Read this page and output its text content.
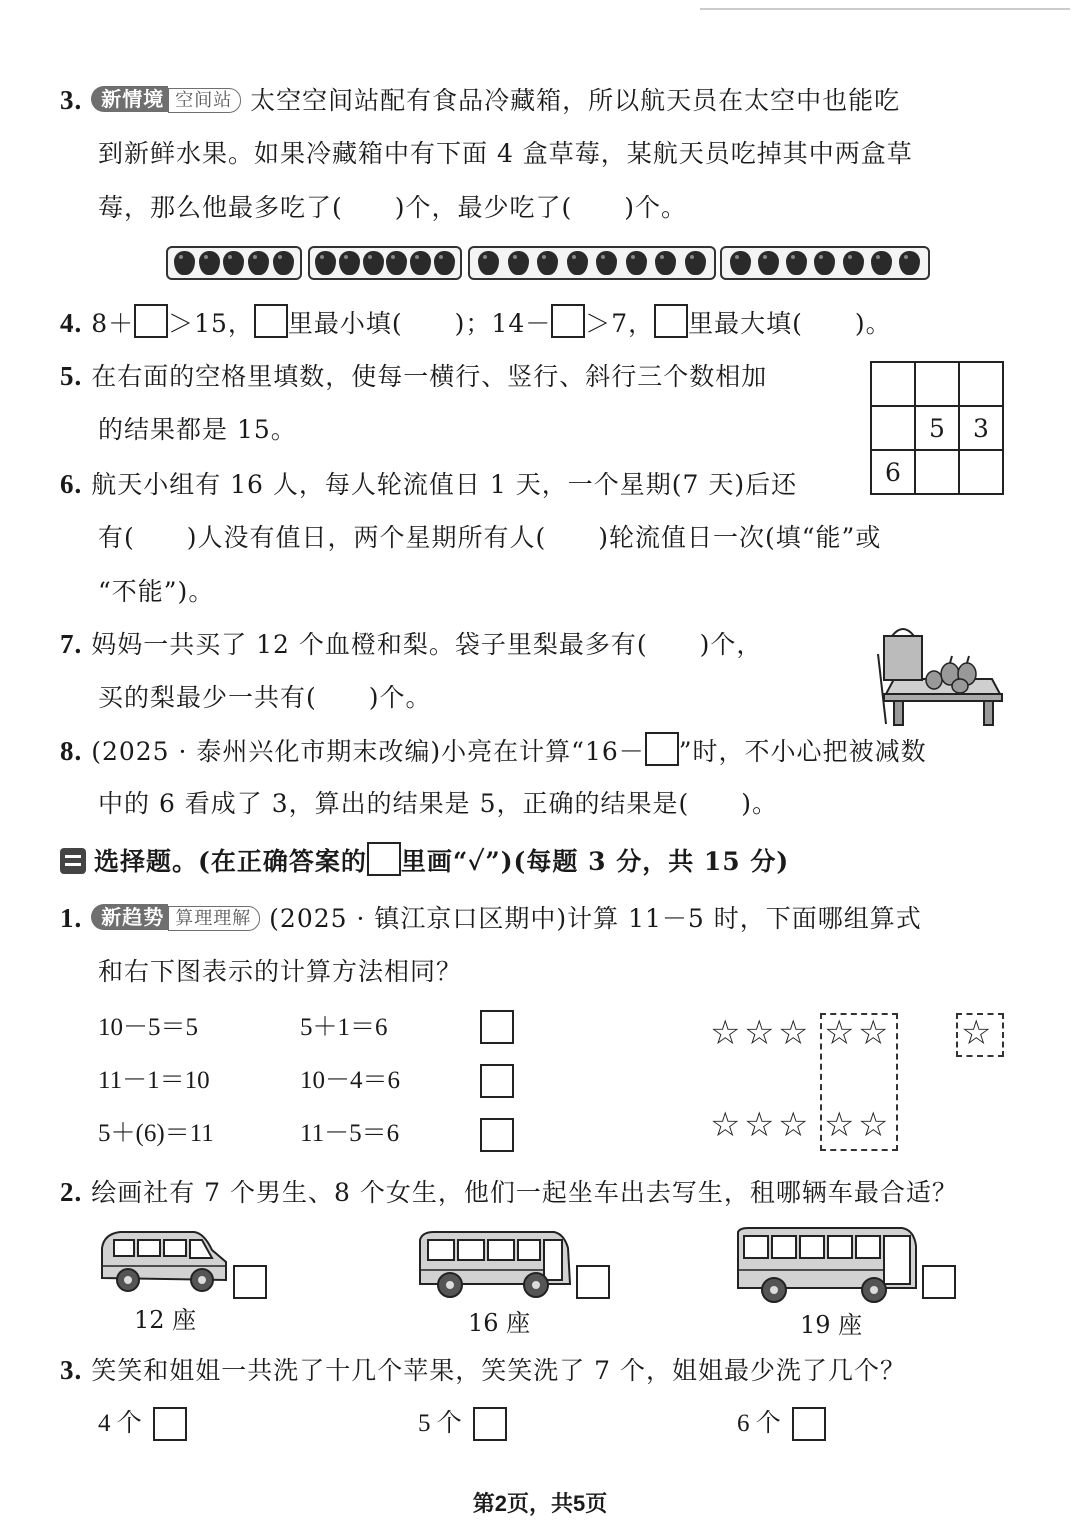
3. 新情境 空间站 太空空间站配有食品冷藏箱，所以航天员在太空中也能吃
到新鲜水果。如果冷藏箱中有下面 4 盒草莓，某航天员吃掉其中两盒草
莓，那么他最多吃了(　　)个，最少吃了(　　)个。
4. 8＋ ＞15， 里最小填(　　)；14－ ＞7， 里最大填(　　)。
5. 在右面的空格里填数，使每一横行、竖行、斜行三个数相加
的结果都是 15。

		5	3
6		
6. 航天小组有 16 人，每人轮流值日 1 天，一个星期(7 天)后还
有(　　)人没有值日，两个星期所有人(　　)轮流值日一次(填“能”或
“不能”)。
7. 妈妈一共买了 12 个血橙和梨。袋子里梨最多有(　　)个，
买的梨最少一共有(　　)个。
8. (2025 · 泰州兴化市期末改编)小亮在计算“16－ ”时，不小心把被减数
中的 6 看成了 3，算出的结果是 5，正确的结果是(　　)。
选择题。(在正确答案的 里画“✓”)(每题 3 分，共 15 分)
1. 新趋势 算理理解 (2025 · 镇江京口区期中)计算 11－5 时，下面哪组算式
和右下图表示的计算方法相同？
10－5＝5	5＋1＝6
11－1＝10	10－4＝6
5＋(6)＝11	11－5＝6
☆ ☆ ☆ ☆ ☆ ☆
☆ ☆ ☆ ☆ ☆
2. 绘画社有 7 个男生、8 个女生，他们一起坐车出去写生，租哪辆车最合适？
12 座	16 座	19 座
3. 笑笑和姐姐一共洗了十几个苹果，笑笑洗了 7 个，姐姐最少洗了几个？
4 个	5 个	6 个
第2页，共5页
